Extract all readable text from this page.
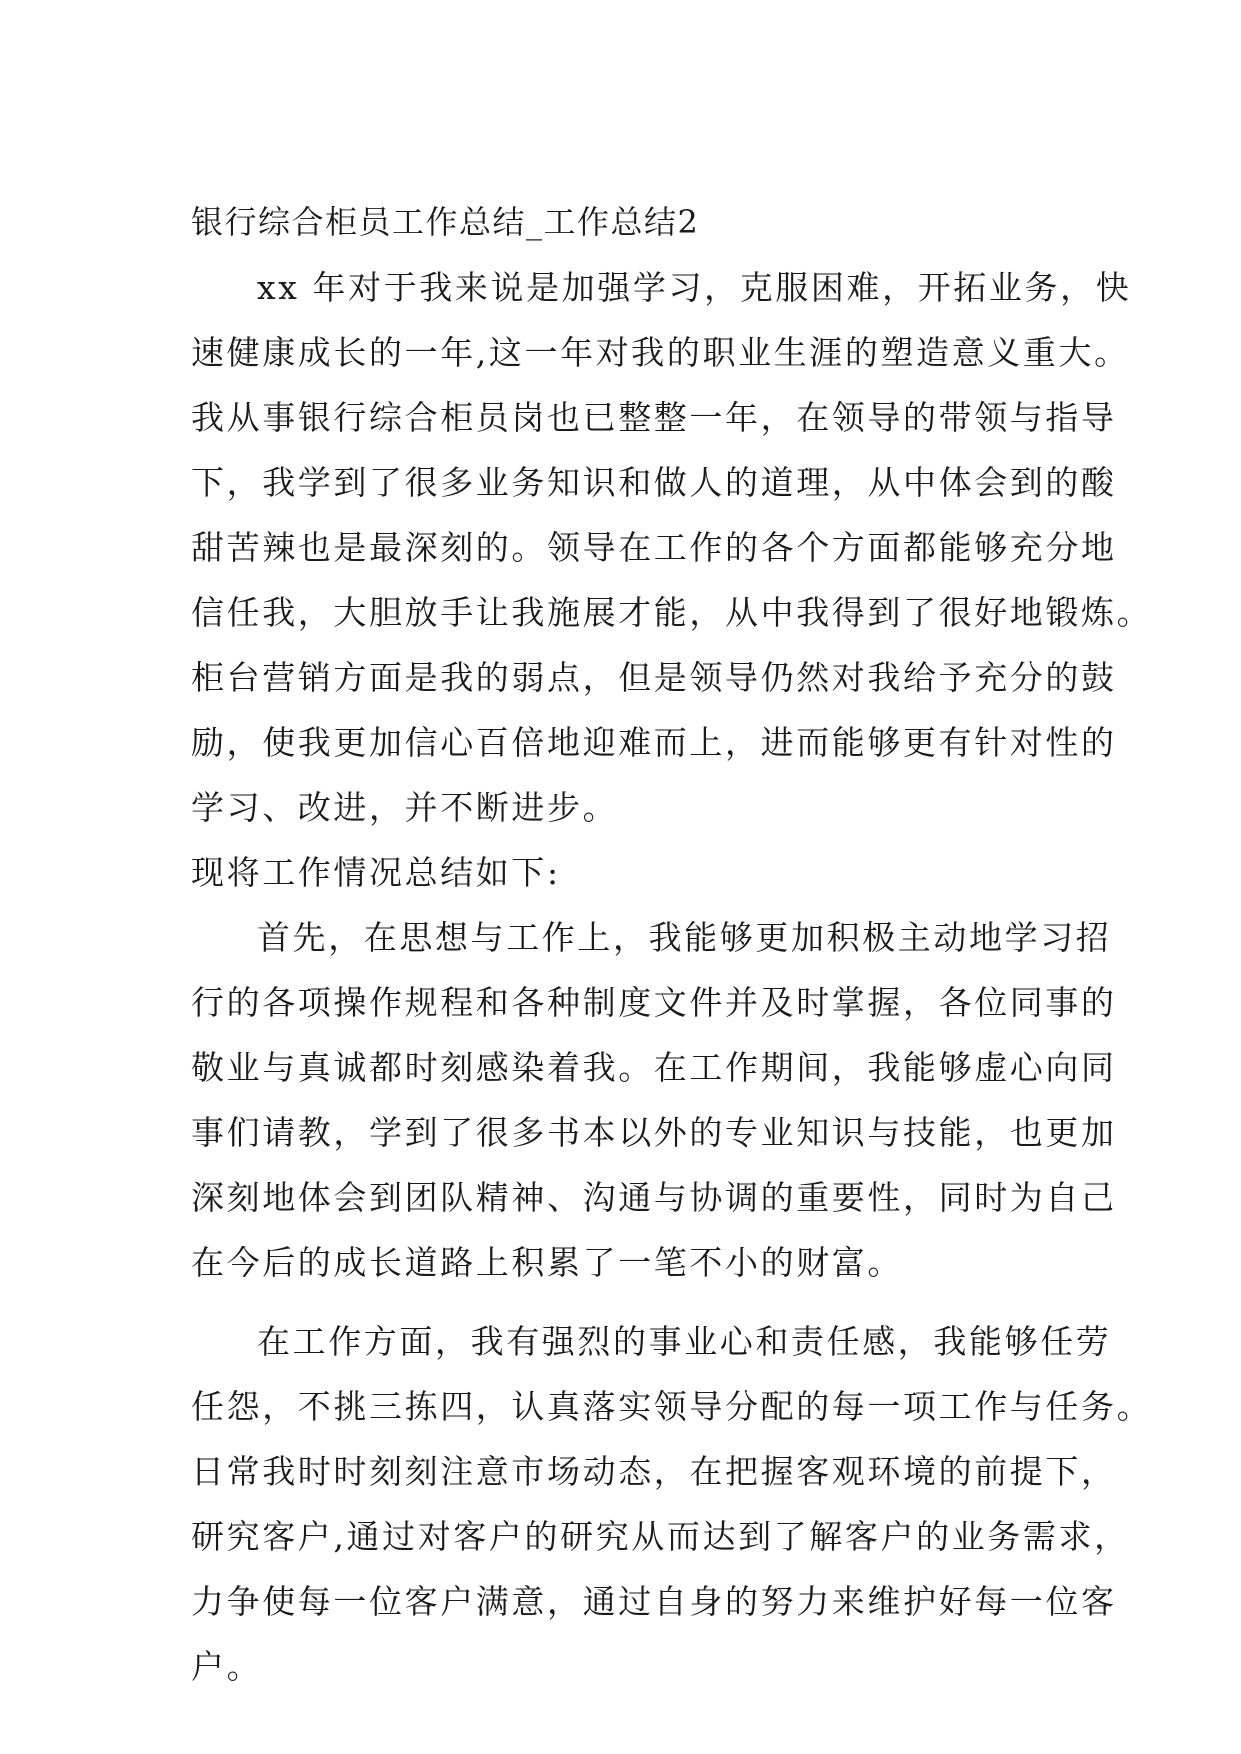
银行综合柜员工作总结_工作总结2
xx 年对于我来说是加强学习，克服困难，开拓业务，快
速健康成长的一年,这一年对我的职业生涯的塑造意义重大。
我从事银行综合柜员岗也已整整一年，在领导的带领与指导
下，我学到了很多业务知识和做人的道理，从中体会到的酸
甜苦辣也是最深刻的。领导在工作的各个方面都能够充分地
信任我，大胆放手让我施展才能，从中我得到了很好地锻炼。
柜台营销方面是我的弱点，但是领导仍然对我给予充分的鼓
励，使我更加信心百倍地迎难而上，进而能够更有针对性的
学习、改进，并不断进步。
现将工作情况总结如下:
首先，在思想与工作上，我能够更加积极主动地学习招
行的各项操作规程和各种制度文件并及时掌握，各位同事的
敬业与真诚都时刻感染着我。在工作期间，我能够虚心向同
事们请教，学到了很多书本以外的专业知识与技能，也更加
深刻地体会到团队精神、沟通与协调的重要性，同时为自己
在今后的成长道路上积累了一笔不小的财富。
在工作方面，我有强烈的事业心和责任感，我能够任劳
任怨，不挑三拣四，认真落实领导分配的每一项工作与任务。
日常我时时刻刻注意市场动态，在把握客观环境的前提下，
研究客户,通过对客户的研究从而达到了解客户的业务需求，
力争使每一位客户满意，通过自身的努力来维护好每一位客
户。
